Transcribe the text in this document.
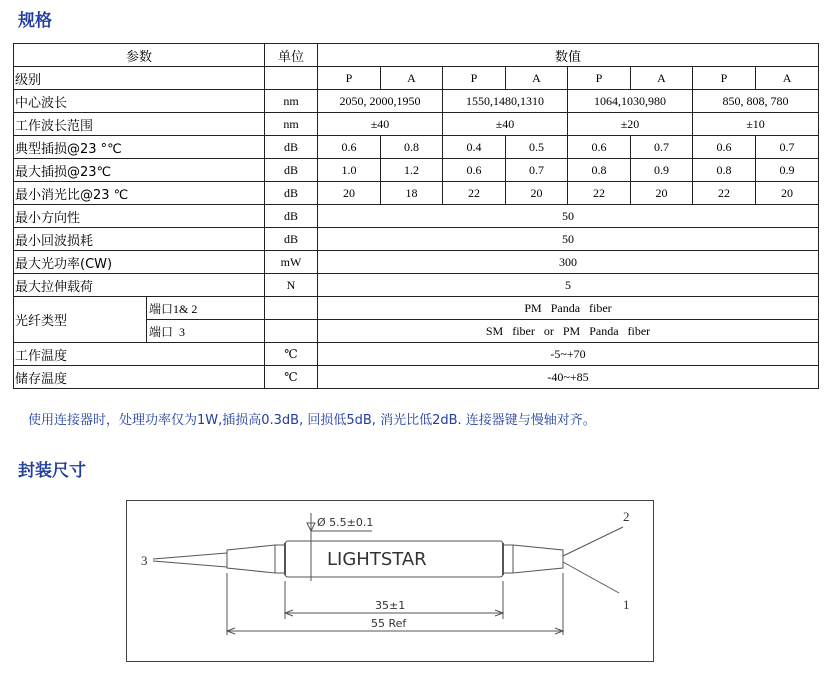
规格
参数		单位	数值							
级别			P	A	P	A	P	A	P	A
中心波长		nm	2050, 2000,1950		1550,1480,1310		1064,1030,980		850, 808, 780	
工作波长范围		nm	±40		±40		±20		±10	
典型插损@23 °℃		dB	0.6	0.8	0.4	0.5	0.6	0.7	0.6	0.7
最大插损@23℃		dB	1.0	1.2	0.6	0.7	0.8	0.9	0.8	0.9
最小消光比@23 ℃		dB	20	18	22	20	22	20	22	20
最小方向性		dB	50							
最小回波损耗		dB	50							
最大光功率(CW)		mW	300							
最大拉伸载荷		N	5							
光纤类型	端口1& 2		PM   Panda   fiber							
	端口  3		SM   fiber   or   PM   Panda   fiber							
工作温度		℃	-5~+70							
储存温度		℃	-40~+85							
使用连接器时，处理功率仅为1W,插损高0.3dB, 回损低5dB, 消光比低2dB. 连接器键与慢轴对齐。
封装尺寸
3
2
1
Ø 5.5±0.1
LIGHTSTAR
35±1
55 Ref
